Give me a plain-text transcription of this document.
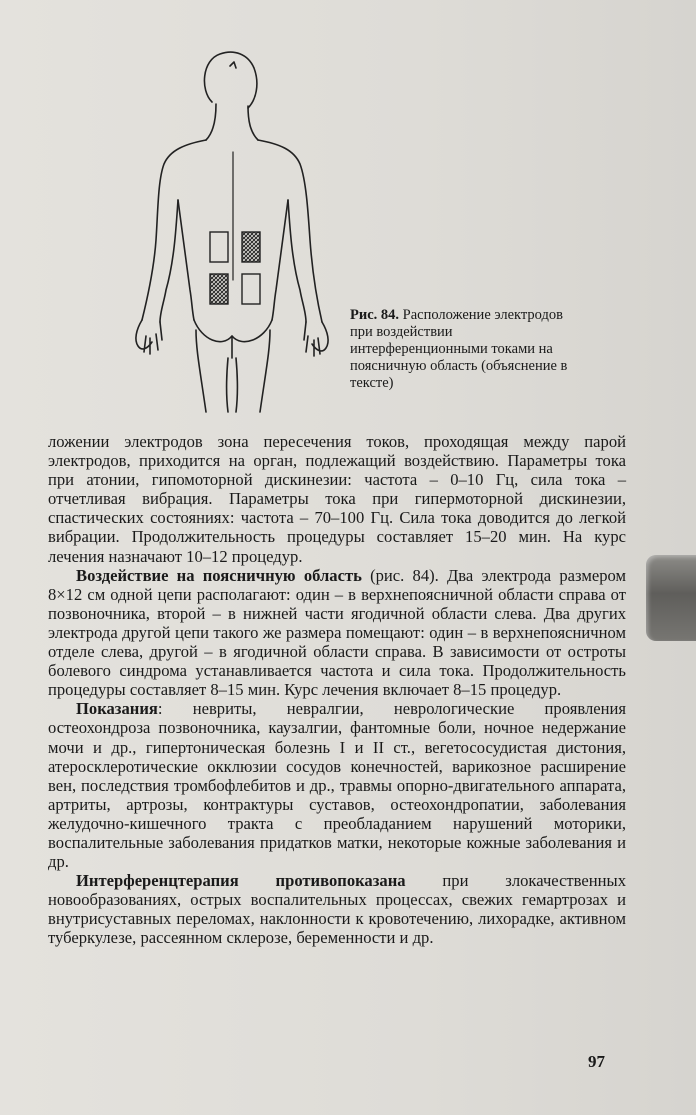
Рис. 84. Расположение электродов при воздействии интерференционными токами на поясничную область (объяснение в тексте)

ложении электродов зона пересечения токов, проходящая между парой электродов, приходится на орган, подлежащий воздействию. Параметры тока при атонии, гипомоторной дискинезии: частота – 0–10 Гц, сила тока – отчетливая вибрация. Параметры тока при гипермоторной дискинезии, спастических состояниях: частота – 70–100 Гц. Сила тока доводится до легкой вибрации. Продолжительность процедуры составляет 15–20 мин. На курс лечения назначают 10–12 процедур.

Воздействие на поясничную область (рис. 84). Два электрода размером 8×12 см одной цепи располагают: один – в верхнепоясничной области справа от позвоночника, второй – в нижней части ягодичной области слева. Два других электрода другой цепи такого же размера помещают: один – в верхнепоясничном отделе слева, другой – в ягодичной области справа. В зависимости от остроты болевого синдрома устанавливается частота и сила тока. Продолжительность процедуры составляет 8–15 мин. Курс лечения включает 8–15 процедур.

Показания: невриты, невралгии, неврологические проявления остеохондроза позвоночника, каузалгии, фантомные боли, ночное недержание мочи и др., гипертоническая болезнь I и II ст., вегетососудистая дистония, атеросклеротические окклюзии сосудов конечностей, варикозное расширение вен, последствия тромбофлебитов и др., травмы опорно-двигательного аппарата, артриты, артрозы, контрактуры суставов, остеохондропатии, заболевания желудочно-кишечного тракта с преобладанием нарушений моторики, воспалительные заболевания придатков матки, некоторые кожные заболевания и др.

Интерференцтерапия противопоказана при злокачественных новообразованиях, острых воспалительных процессах, свежих гемартрозах и внутрисуставных переломах, наклонности к кровотечению, лихорадке, активном туберкулезе, рассеянном склерозе, беременности и др.

97
